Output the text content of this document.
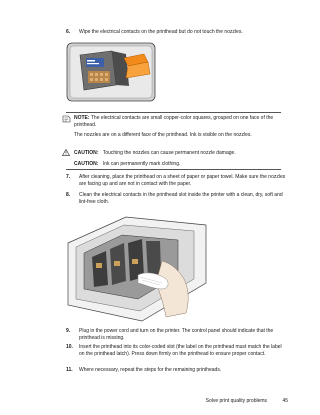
6.	Wipe the electrical contacts on the printhead but do not touch the nozzles.
NOTE: The electrical contacts are small copper-color squares, grouped on one face of the printhead.
The nozzles are on a different face of the printhead. Ink is visible on the nozzles.
CAUTION: Touching the nozzles can cause permanent nozzle damage.
CAUTION: Ink can permanently mark clothing.
7.	After cleaning, place the printhead on a sheet of paper or paper towel. Make sure the nozzles are facing up and are not in contact with the paper.
8.	Clean the electrical contacts in the printhead slot inside the printer with a clean, dry, soft and lint-free cloth.
9.	Plug in the power cord and turn on the printer. The control panel should indicate that the printhead is missing.
10.	Insert the printhead into its color-coded slot (the label on the printhead must match the label on the printhead latch). Press down firmly on the printhead to ensure proper contact.
11.	Where necessary, repeat the steps for the remaining printheads.
Solve print quality problems	45
